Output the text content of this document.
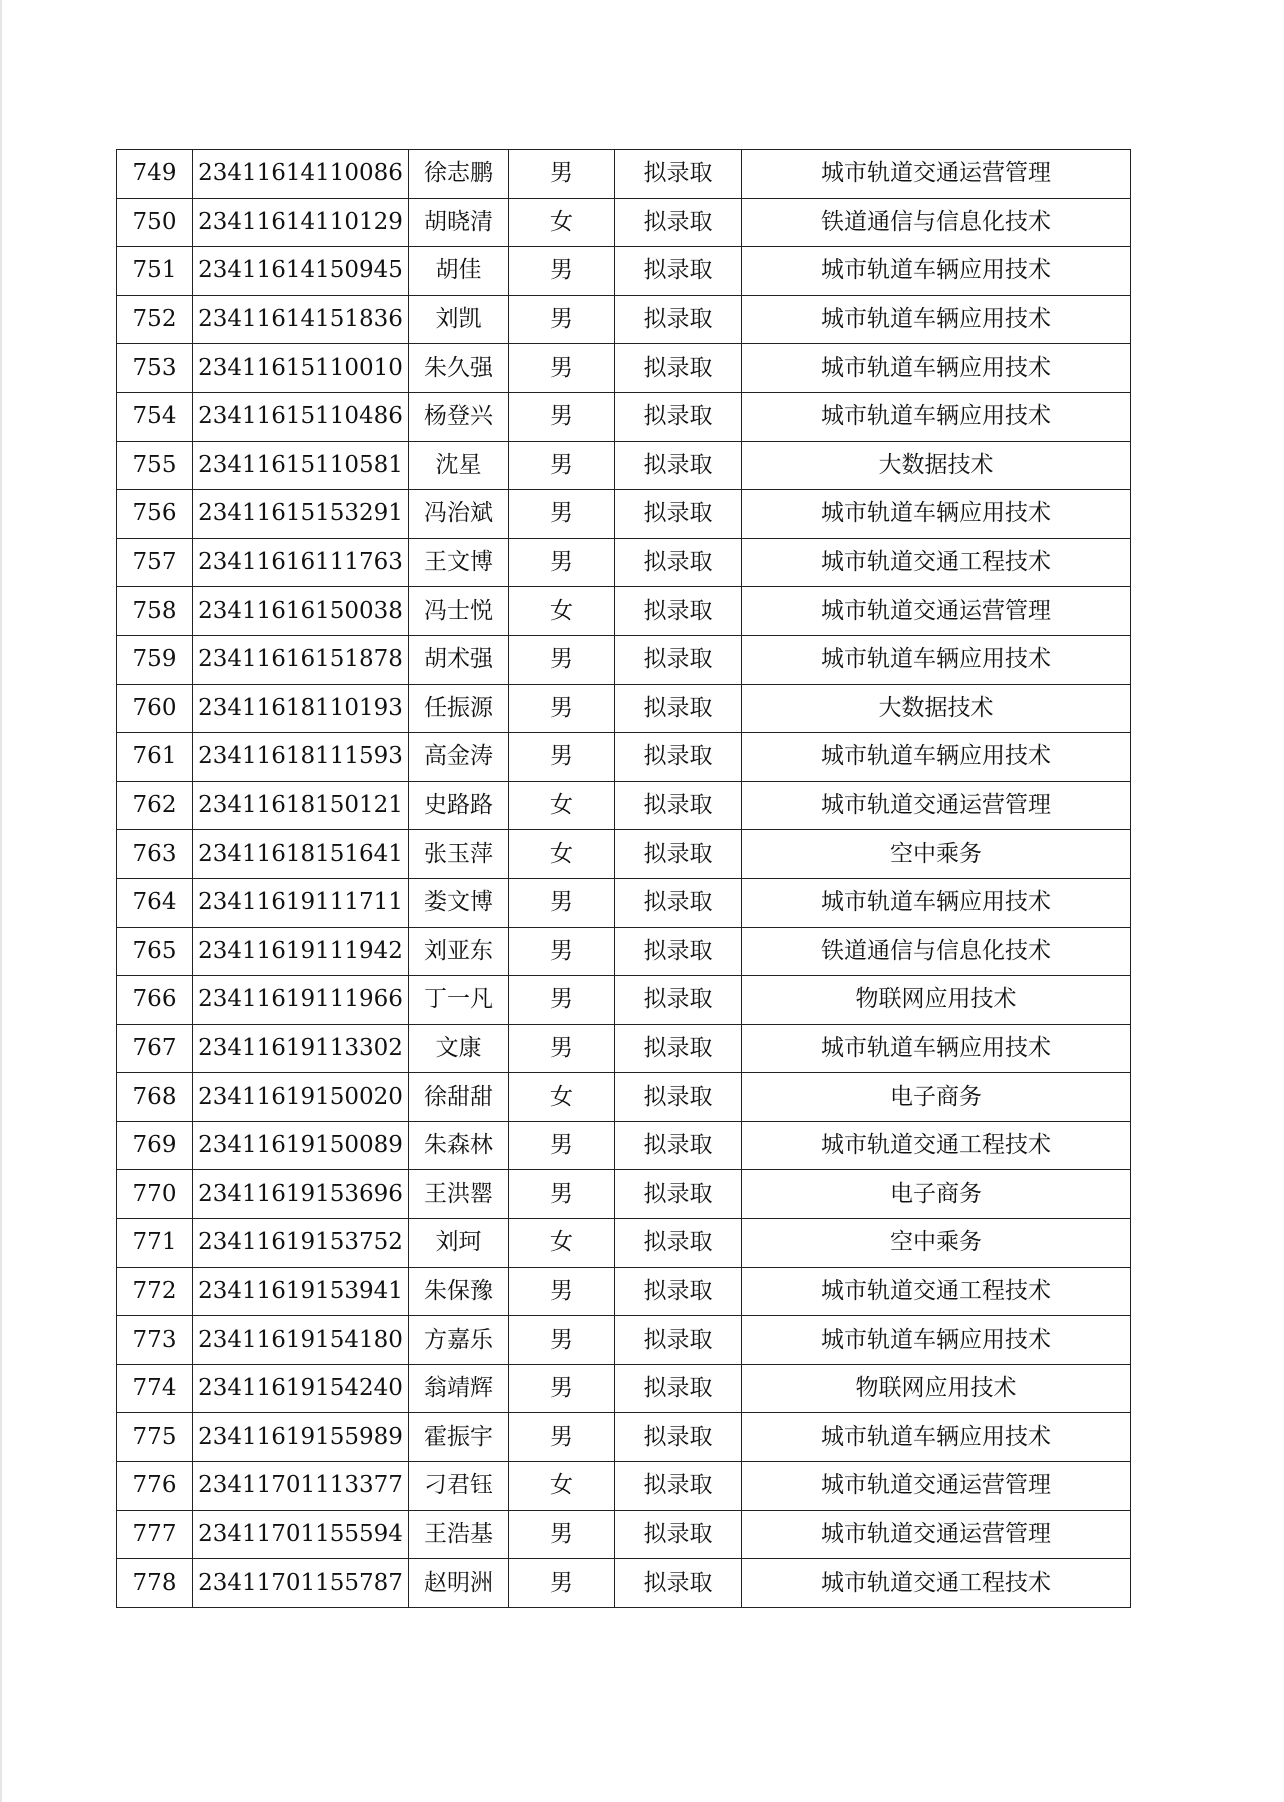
749	23411614110086	徐志鹏	男	拟录取	城市轨道交通运营管理
750	23411614110129	胡晓清	女	拟录取	铁道通信与信息化技术
751	23411614150945	胡佳	男	拟录取	城市轨道车辆应用技术
752	23411614151836	刘凯	男	拟录取	城市轨道车辆应用技术
753	23411615110010	朱久强	男	拟录取	城市轨道车辆应用技术
754	23411615110486	杨登兴	男	拟录取	城市轨道车辆应用技术
755	23411615110581	沈星	男	拟录取	大数据技术
756	23411615153291	冯治斌	男	拟录取	城市轨道车辆应用技术
757	23411616111763	王文博	男	拟录取	城市轨道交通工程技术
758	23411616150038	冯士悦	女	拟录取	城市轨道交通运营管理
759	23411616151878	胡术强	男	拟录取	城市轨道车辆应用技术
760	23411618110193	任振源	男	拟录取	大数据技术
761	23411618111593	高金涛	男	拟录取	城市轨道车辆应用技术
762	23411618150121	史路路	女	拟录取	城市轨道交通运营管理
763	23411618151641	张玉萍	女	拟录取	空中乘务
764	23411619111711	娄文博	男	拟录取	城市轨道车辆应用技术
765	23411619111942	刘亚东	男	拟录取	铁道通信与信息化技术
766	23411619111966	丁一凡	男	拟录取	物联网应用技术
767	23411619113302	文康	男	拟录取	城市轨道车辆应用技术
768	23411619150020	徐甜甜	女	拟录取	电子商务
769	23411619150089	朱森林	男	拟录取	城市轨道交通工程技术
770	23411619153696	王洪罂	男	拟录取	电子商务
771	23411619153752	刘珂	女	拟录取	空中乘务
772	23411619153941	朱保豫	男	拟录取	城市轨道交通工程技术
773	23411619154180	方嘉乐	男	拟录取	城市轨道车辆应用技术
774	23411619154240	翁靖辉	男	拟录取	物联网应用技术
775	23411619155989	霍振宇	男	拟录取	城市轨道车辆应用技术
776	23411701113377	刁君钰	女	拟录取	城市轨道交通运营管理
777	23411701155594	王浩基	男	拟录取	城市轨道交通运营管理
778	23411701155787	赵明洲	男	拟录取	城市轨道交通工程技术
